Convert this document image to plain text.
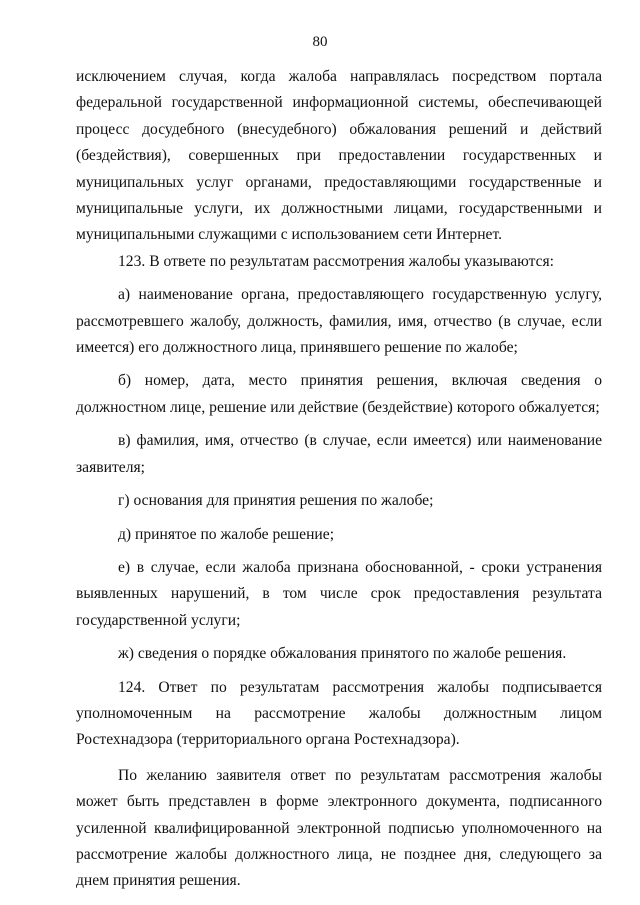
80

исключением случая, когда жалоба направлялась посредством портала федеральной государственной информационной системы, обеспечивающей процесс досудебного (внесудебного) обжалования решений и действий (бездействия), совершенных при предоставлении государственных и муниципальных услуг органами, предоставляющими государственные и муниципальные услуги, их должностными лицами, государственными и муниципальными служащими с использованием сети Интернет.

123. В ответе по результатам рассмотрения жалобы указываются:

а) наименование органа, предоставляющего государственную услугу, рассмотревшего жалобу, должность, фамилия, имя, отчество (в случае, если имеется) его должностного лица, принявшего решение по жалобе;

б) номер, дата, место принятия решения, включая сведения о должностном лице, решение или действие (бездействие) которого обжалуется;

в) фамилия, имя, отчество (в случае, если имеется) или наименование заявителя;

г) основания для принятия решения по жалобе;

д) принятое по жалобе решение;

е) в случае, если жалоба признана обоснованной, - сроки устранения выявленных нарушений, в том числе срок предоставления результата государственной услуги;

ж) сведения о порядке обжалования принятого по жалобе решения.

124. Ответ по результатам рассмотрения жалобы подписывается уполномоченным на рассмотрение жалобы должностным лицом Ростехнадзора (территориального органа Ростехнадзора).

По желанию заявителя ответ по результатам рассмотрения жалобы может быть представлен в форме электронного документа, подписанного усиленной квалифицированной электронной подписью уполномоченного на рассмотрение жалобы должностного лица, не позднее дня, следующего за днем принятия решения.
